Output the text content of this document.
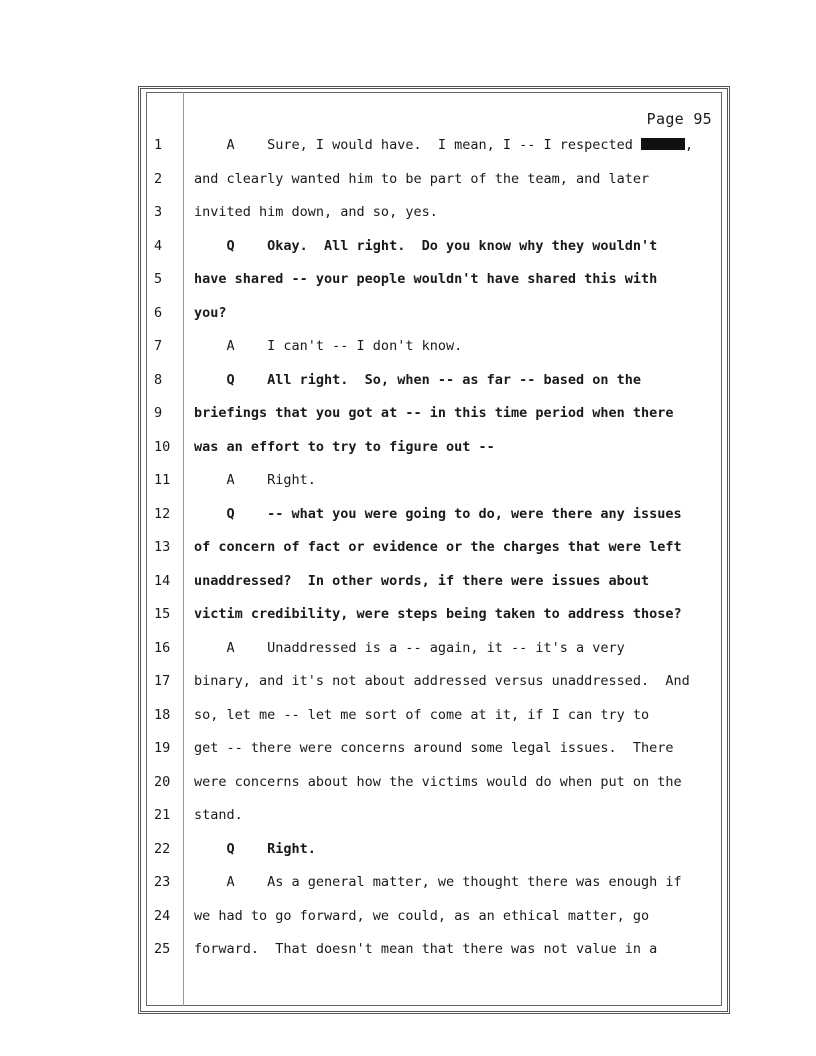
Page 95
1	A    Sure, I would have.  I mean, I -- I respected	,
2	and clearly wanted him to be part of the team, and later
3	invited him down, and so, yes.
4	Q    Okay.  All right.  Do you know why they wouldn't
5	have shared -- your people wouldn't have shared this with
6	you?
7	A    I can't -- I don't know.
8	Q    All right.  So, when -- as far -- based on the
9	briefings that you got at -- in this time period when there
10	was an effort to try to figure out --
11	A    Right.
12	Q    -- what you were going to do, were there any issues
13	of concern of fact or evidence or the charges that were left
14	unaddressed?  In other words, if there were issues about
15	victim credibility, were steps being taken to address those?
16	A    Unaddressed is a -- again, it -- it's a very
17	binary, and it's not about addressed versus unaddressed.  And
18	so, let me -- let me sort of come at it, if I can try to
19	get -- there were concerns around some legal issues.  There
20	were concerns about how the victims would do when put on the
21	stand.
22	Q    Right.
23	A    As a general matter, we thought there was enough if
24	we had to go forward, we could, as an ethical matter, go
25	forward.  That doesn't mean that there was not value in a
